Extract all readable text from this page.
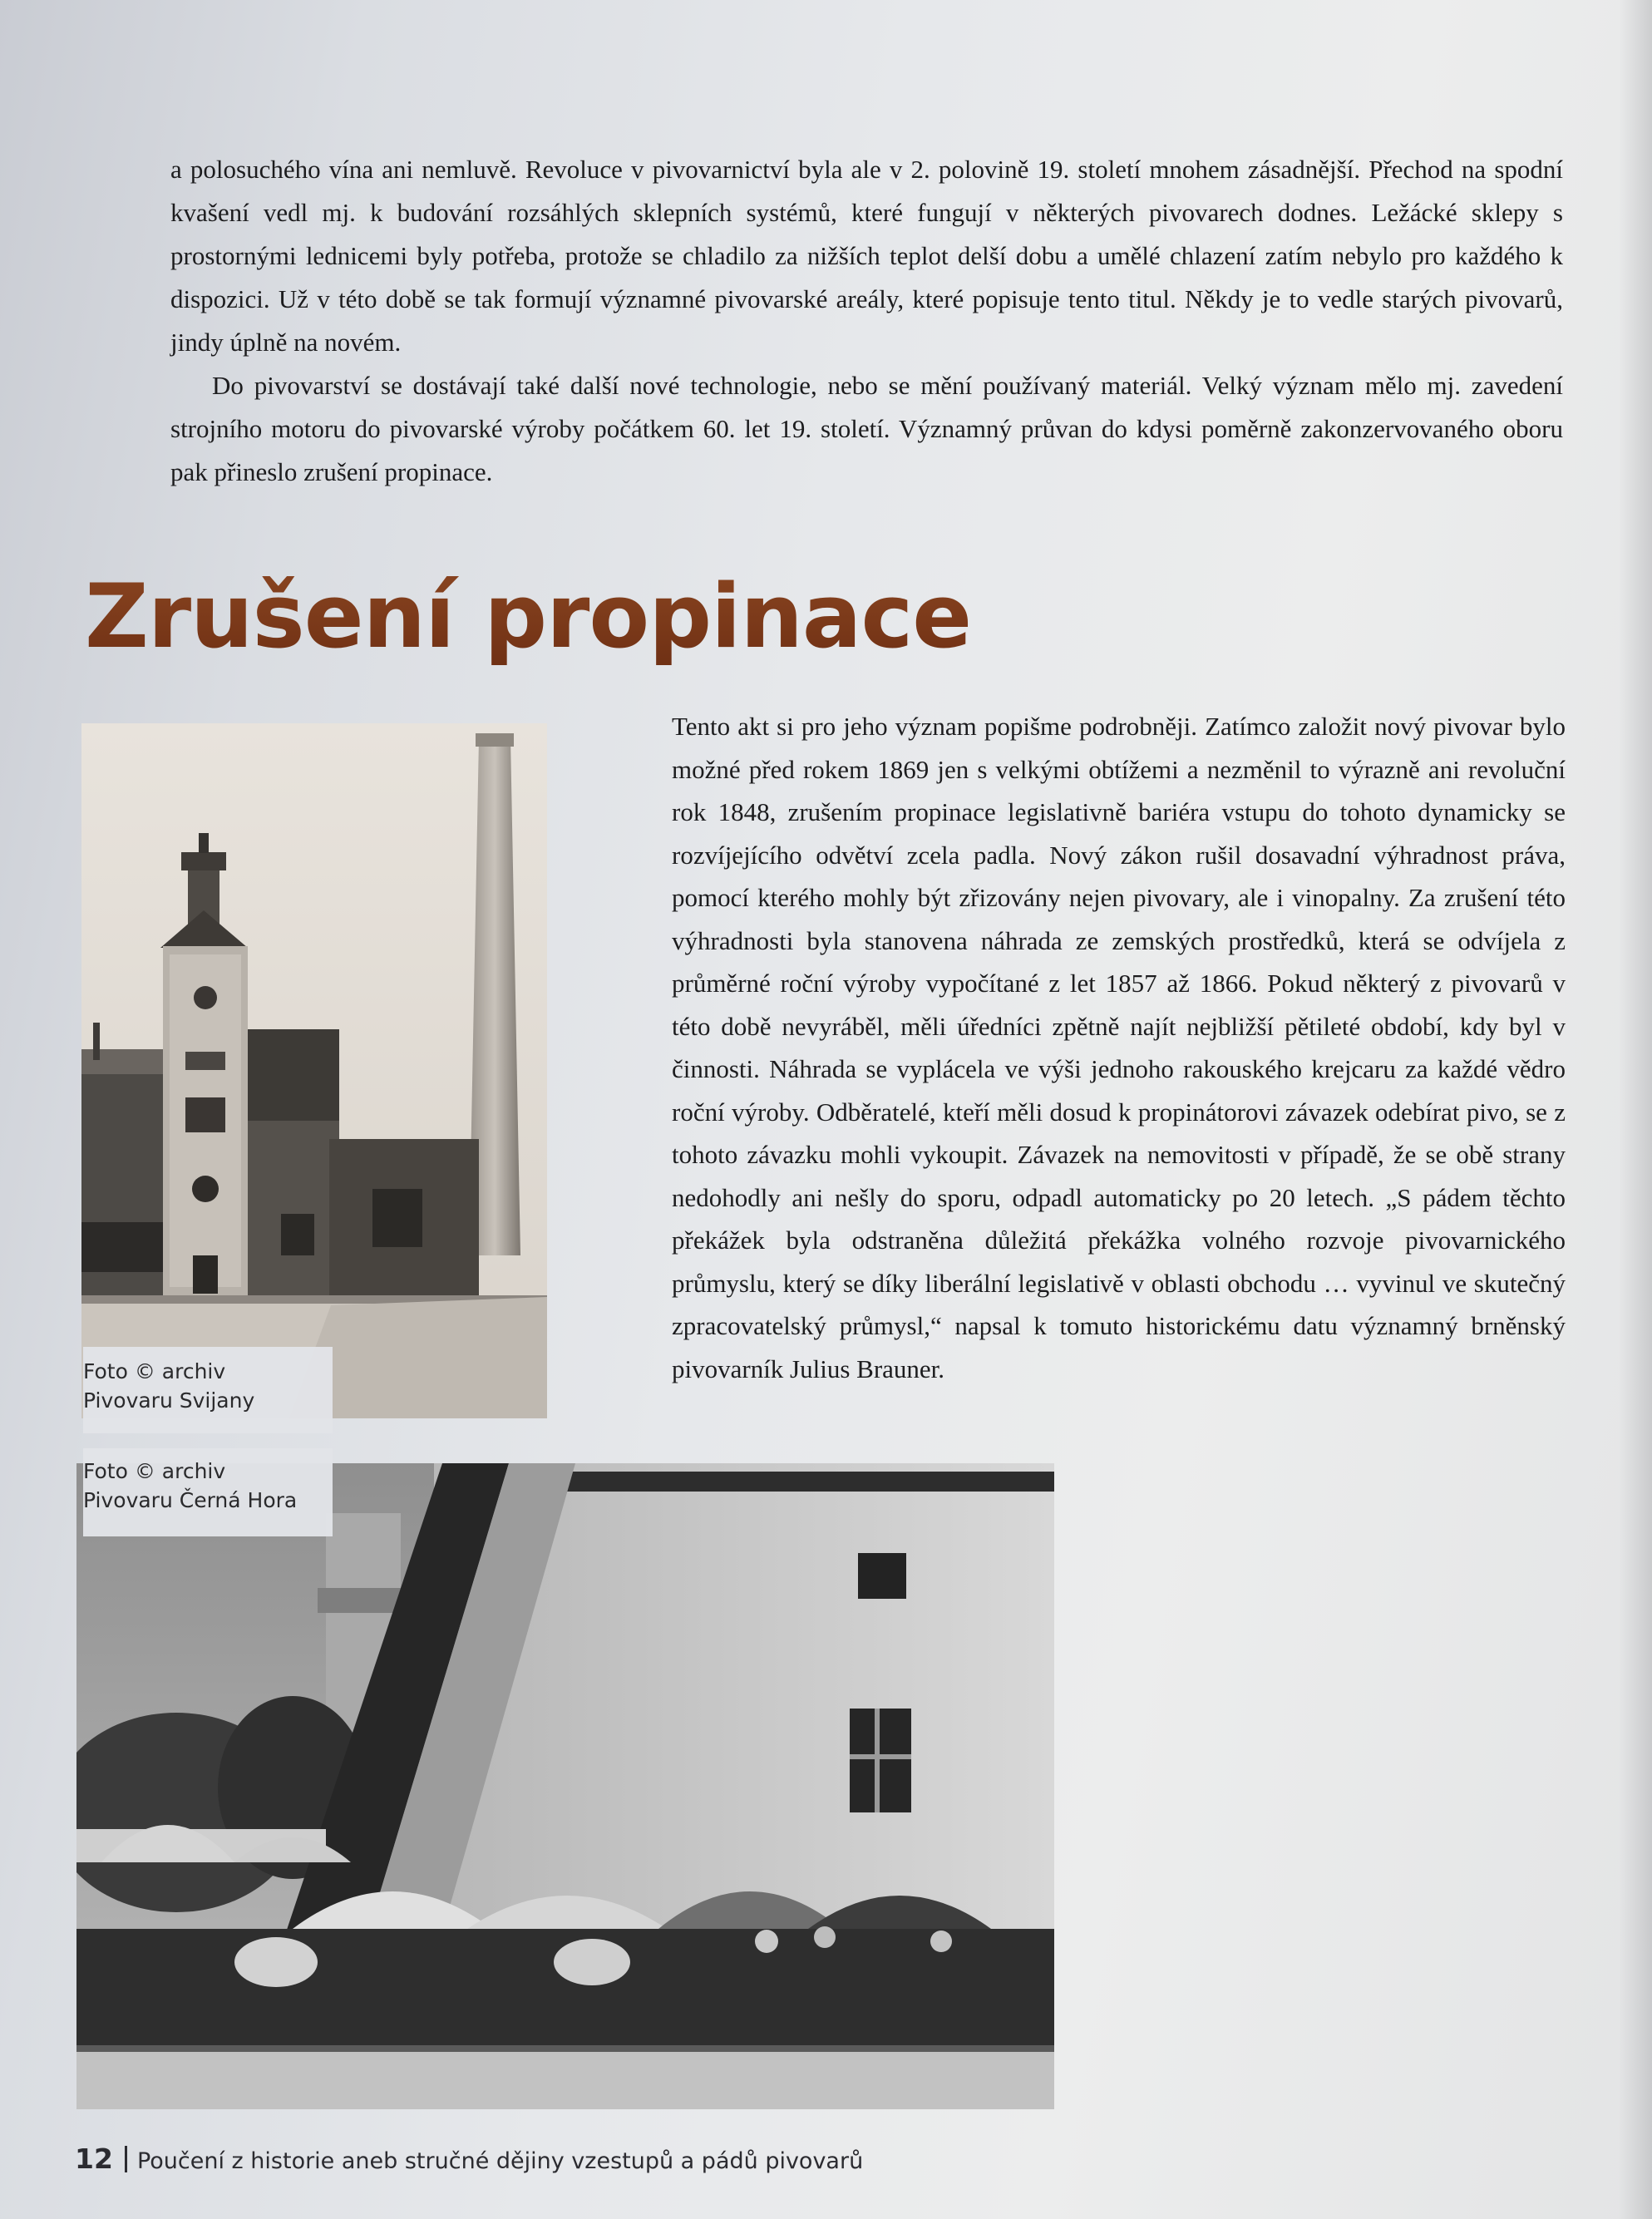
a polosuchého vína ani nemluvě. Revoluce v pivovarnictví byla ale v 2. polovině 19. století mnohem zásadnější. Přechod na spodní kvašení vedl mj. k budování rozsáhlých sklepních systémů, které fungují v některých pivovarech dodnes. Ležácké sklepy s prostornými lednicemi byly potřeba, protože se chladilo za nižších teplot delší dobu a umělé chlazení zatím nebylo pro každého k dispozici. Už v této době se tak formují významné pivovarské areály, které popisuje tento titul. Někdy je to vedle starých pivovarů, jindy úplně na novém.

Do pivovarství se dostávají také další nové technologie, nebo se mění používaný materiál. Velký význam mělo mj. zavedení strojního motoru do pivovarské výroby počátkem 60. let 19. století. Významný průvan do kdysi poměrně zakonzervovaného oboru pak přineslo zrušení propinace.

Zrušení propinace

Tento akt si pro jeho význam popišme podrobněji. Zatímco založit nový pivovar bylo možné před rokem 1869 jen s velkými obtížemi a nezměnil to výrazně ani revoluční rok 1848, zrušením propinace legislativně bariéra vstupu do tohoto dynamicky se rozvíjejícího odvětví zcela padla. Nový zákon rušil dosavadní výhradnost práva, pomocí kterého mohly být zřizovány nejen pivovary, ale i vinopalny. Za zrušení této výhradnosti byla stanovena náhrada ze zemských prostředků, která se odvíjela z průměrné roční výroby vypočítané z let 1857 až 1866. Pokud některý z pivovarů v této době nevyráběl, měli úředníci zpětně najít nejbližší pětileté období, kdy byl v činnosti. Náhrada se vyplácela ve výši jednoho rakouského krejcaru za každé vědro roční výroby. Odběratelé, kteří měli dosud k propinátorovi závazek odebírat pivo, se z tohoto závazku mohli vykoupit. Závazek na nemovitosti v případě, že se obě strany nedohodly ani nešly do sporu, odpadl automaticky po 20 letech. „S pádem těchto překážek byla odstraněna důležitá překážka volného rozvoje pivovarnického průmyslu, který se díky liberální legislativě v oblasti obchodu … vyvinul ve skutečný zpracovatelský průmysl,“ napsal k tomuto historickému datu významný brněnský pivovarník Julius Brauner.

Foto © archiv
Pivovaru Svijany
Foto © archiv
Pivovaru Černá Hora
12 Poučení z historie aneb stručné dějiny vzestupů a pádů pivovarů
